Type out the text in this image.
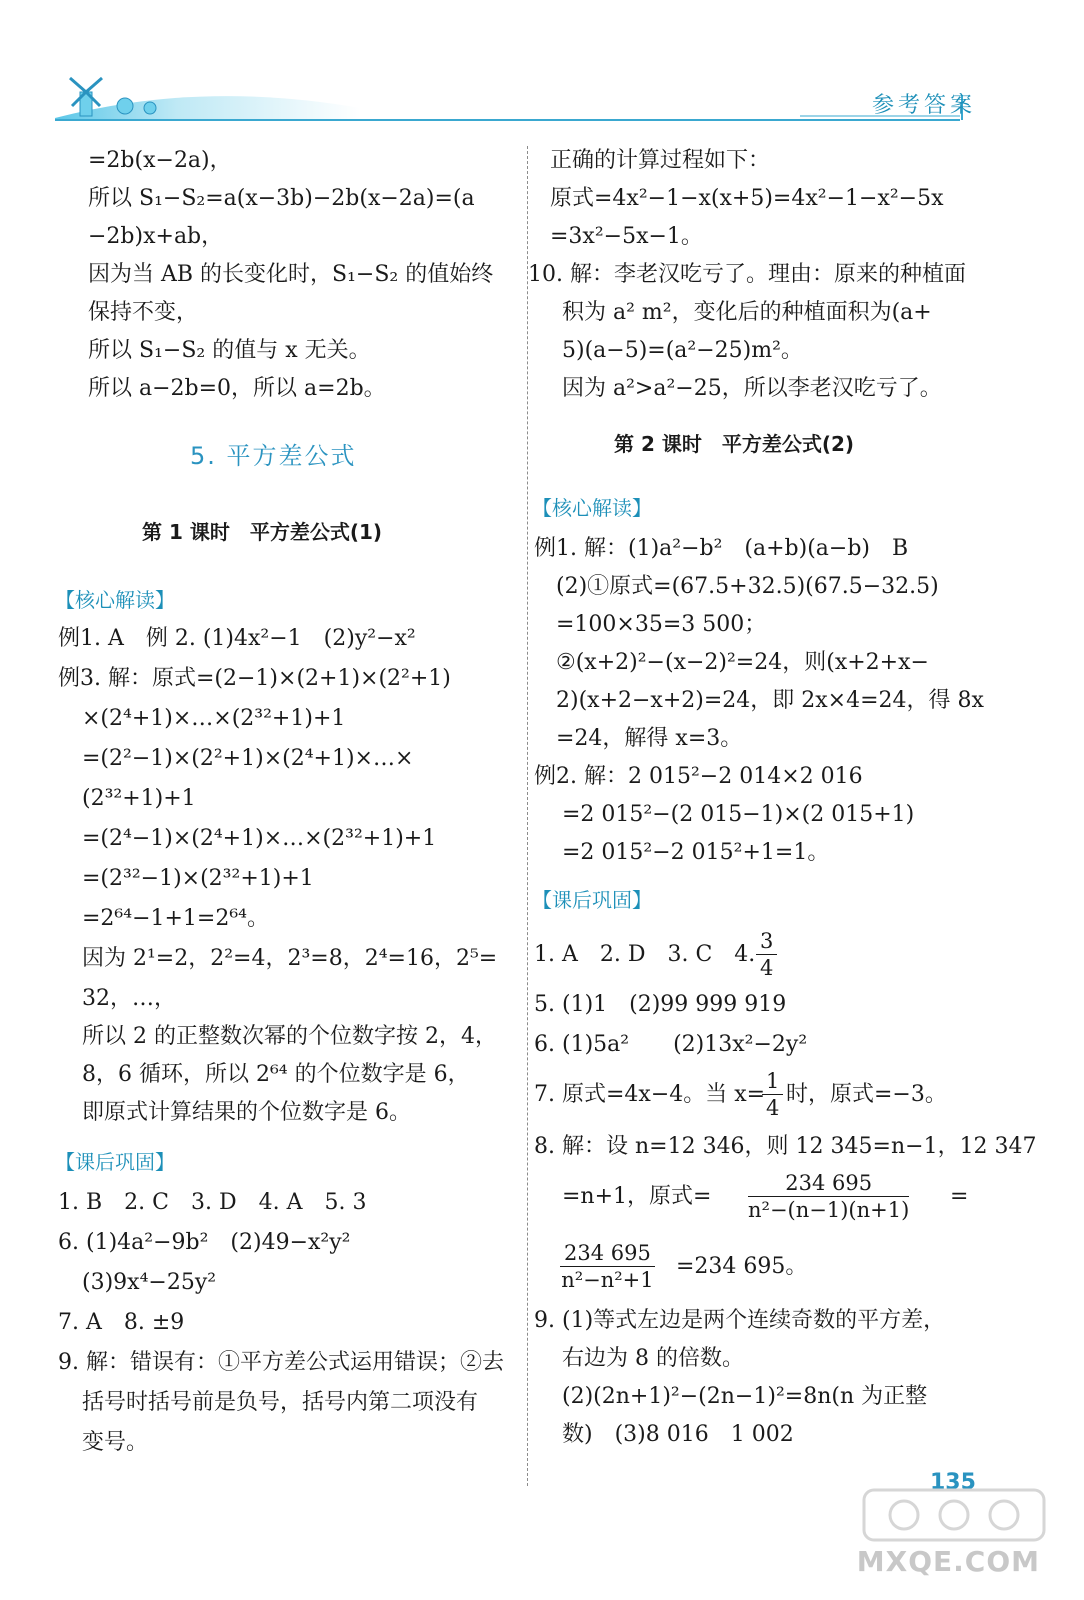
参考答案
=2b(x−2a)，
所以 S₁−S₂=a(x−3b)−2b(x−2a)=(a
−2b)x+ab，
因为当 AB 的长变化时，S₁−S₂ 的值始终
保持不变，
所以 S₁−S₂ 的值与 x 无关。
所以 a−2b=0，所以 a=2b。
5. 平方差公式
第 1 课时　平方差公式(1)
【核心解读】
例1. A　例 2. (1)4x²−1　(2)y²−x²
例3. 解：原式=(2−1)×(2+1)×(2²+1)
×(2⁴+1)×…×(2³²+1)+1
=(2²−1)×(2²+1)×(2⁴+1)×…×
(2³²+1)+1
=(2⁴−1)×(2⁴+1)×…×(2³²+1)+1
=(2³²−1)×(2³²+1)+1
=2⁶⁴−1+1=2⁶⁴。
因为 2¹=2，2²=4，2³=8，2⁴=16，2⁵=
32，…，
所以 2 的正整数次幂的个位数字按 2，4，
8，6 循环，所以 2⁶⁴ 的个位数字是 6，
即原式计算结果的个位数字是 6。
【课后巩固】
1. B　2. C　3. D　4. A　5. 3
6. (1)4a²−9b²　(2)49−x²y²
(3)9x⁴−25y²
7. A　8. ±9
9. 解：错误有：①平方差公式运用错误；②去
括号时括号前是负号，括号内第二项没有
变号。
正确的计算过程如下：
原式=4x²−1−x(x+5)=4x²−1−x²−5x
=3x²−5x−1。
10. 解：李老汉吃亏了。理由：原来的种植面
积为 a² m²，变化后的种植面积为(a+
5)(a−5)=(a²−25)m²。
因为 a²>a²−25，所以李老汉吃亏了。
第 2 课时　平方差公式(2)
【核心解读】
例1. 解：(1)a²−b²　(a+b)(a−b)　B
(2)①原式=(67.5+32.5)(67.5−32.5)
=100×35=3 500；
②(x+2)²−(x−2)²=24，则(x+2+x−
2)(x+2−x+2)=24，即 2x×4=24，得 8x
=24，解得 x=3。
例2. 解：2 015²−2 014×2 016
=2 015²−(2 015−1)×(2 015+1)
=2 015²−2 015²+1=1。
【课后巩固】
1. A　2. D　3. C　4. $\frac{3}{4}$
5. (1)1　(2)99 999 919
6. (1)5a²　　(2)13x²−2y²
7. 原式=4x−4。当 x=
$\frac{1}{4}$ 时，原式=−3。
8. 解：设 n=12 346，则 12 345=n−1，12 347
=n+1，原式= $\frac{234 695}{\text{n²−(n−1)(n+1)}}$ =
$\frac{234 695}{\text{n²−n²+1}} =234$ 695。
9. (1)等式左边是两个连续奇数的平方差，
右边为 8 的倍数。
(2)(2n+1)²−(2n−1)²=8n(n 为正整
数)　(3)8 016　1 002
135
MXQE.COM
